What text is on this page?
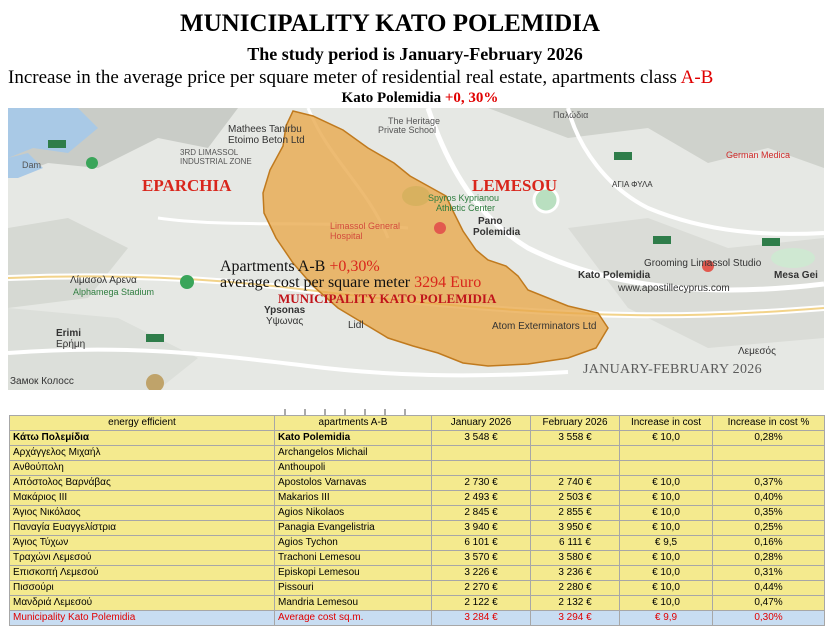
MUNICIPALITY KATO POLEMIDIA
The study period is January-February 2026
Increase in the average price per square meter of residential real estate, apartments class A-B
Kato Polemidia +0, 30%
Mathees Tanirbu
Etoimo Beton Ltd
The Heritage
Private School
Παλώδια
3RD LIMASSOL INDUSTRIAL ZONE
German Medica
Dam
EPARCHIA	LEMESOU
Spyros Kyprianou
Athletic Center
ΑΓΙΑ ΦΥΛΑ
Pano
Polemidia
Limassol General Hospital
Apartments A-B +0,30%
average cost per square meter 3294 Euro
MUNICIPALITY KATO POLEMIDIA
Λίμασολ Αρενα
Alphamega Stadium
Ypsonas
Υψωνας
Kato Polemidia
Grooming Limassol Studio
www.apostillecyprus.com
Mesa Gei
Lidl	Atom Exterminators Ltd
Erimi
Ερήμη
Λεμεσός
Замок Колосс
JANUARY-FEBRUARY 2026
energy efficient	apartments A-B	January 2026	February 2026	Increase in cost	Increase in cost %
Κάτω Πολεμίδια	Kato Polemidia	3 548 €	3 558 €	€ 10,0	0,28%
Αρχάγγελος Μιχαήλ	Archangelos Michail				
Ανθούπολη	Anthoupoli				
Απόστολος Βαρνάβας	Apostolos Varnavas	2 730 €	2 740 €	€ 10,0	0,37%
Μακάριος ΙΙΙ	Makarios III	2 493 €	2 503 €	€ 10,0	0,40%
Άγιος Νικόλαος	Agios Nikolaos	2 845 €	2 855 €	€ 10,0	0,35%
Παναγία Ευαγγελίστρια	Panagia Evangelistria	3 940 €	3 950 €	€ 10,0	0,25%
Άγιος Τύχων	Agios Tychon	6 101 €	6 111 €	€ 9,5	0,16%
Τραχώνι Λεμεσού	Trachoni Lemesou	3 570 €	3 580 €	€ 10,0	0,28%
Επισκοπή Λεμεσού	Episkopi Lemesou	3 226 €	3 236 €	€ 10,0	0,31%
Πισσούρι	Pissouri	2 270 €	2 280 €	€ 10,0	0,44%
Μανδριά Λεμεσού	Mandria Lemesou	2 122 €	2 132 €	€ 10,0	0,47%
Municipality Kato Polemidia	Average cost sq.m.	3 284 €	3 294 €	€ 9,9	0,30%
